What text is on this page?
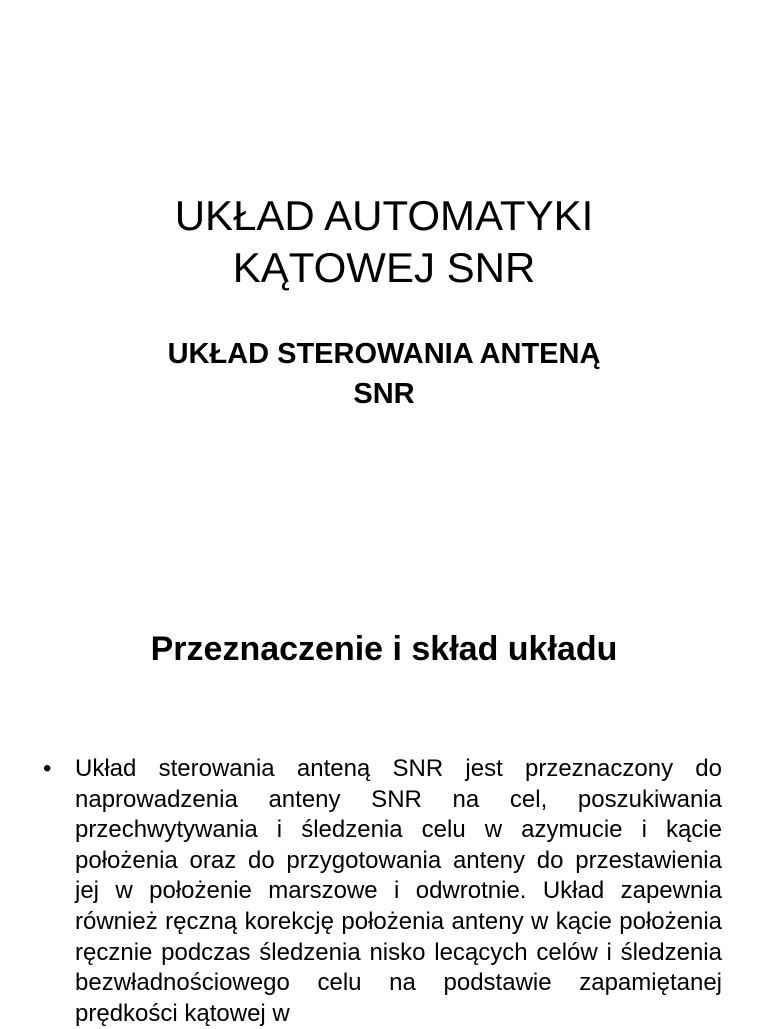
UKŁAD AUTOMATYKI
KĄTOWEJ SNR
UKŁAD STEROWANIA ANTENĄ
SNR
Przeznaczenie i skład układu
• Układ sterowania anteną SNR jest przeznaczony do naprowadzenia anteny SNR na cel, poszukiwania przechwytywania i śledzenia celu w azymucie i kącie położenia oraz do przygotowania anteny do przestawienia jej w położenie marszowe i odwrotnie. Układ zapewnia również ręczną korekcję położenia anteny w kącie położenia ręcznie podczas śledzenia nisko lecących celów i śledzenia bezwładnościowego celu na podstawie zapamiętanej prędkości kątowej w
